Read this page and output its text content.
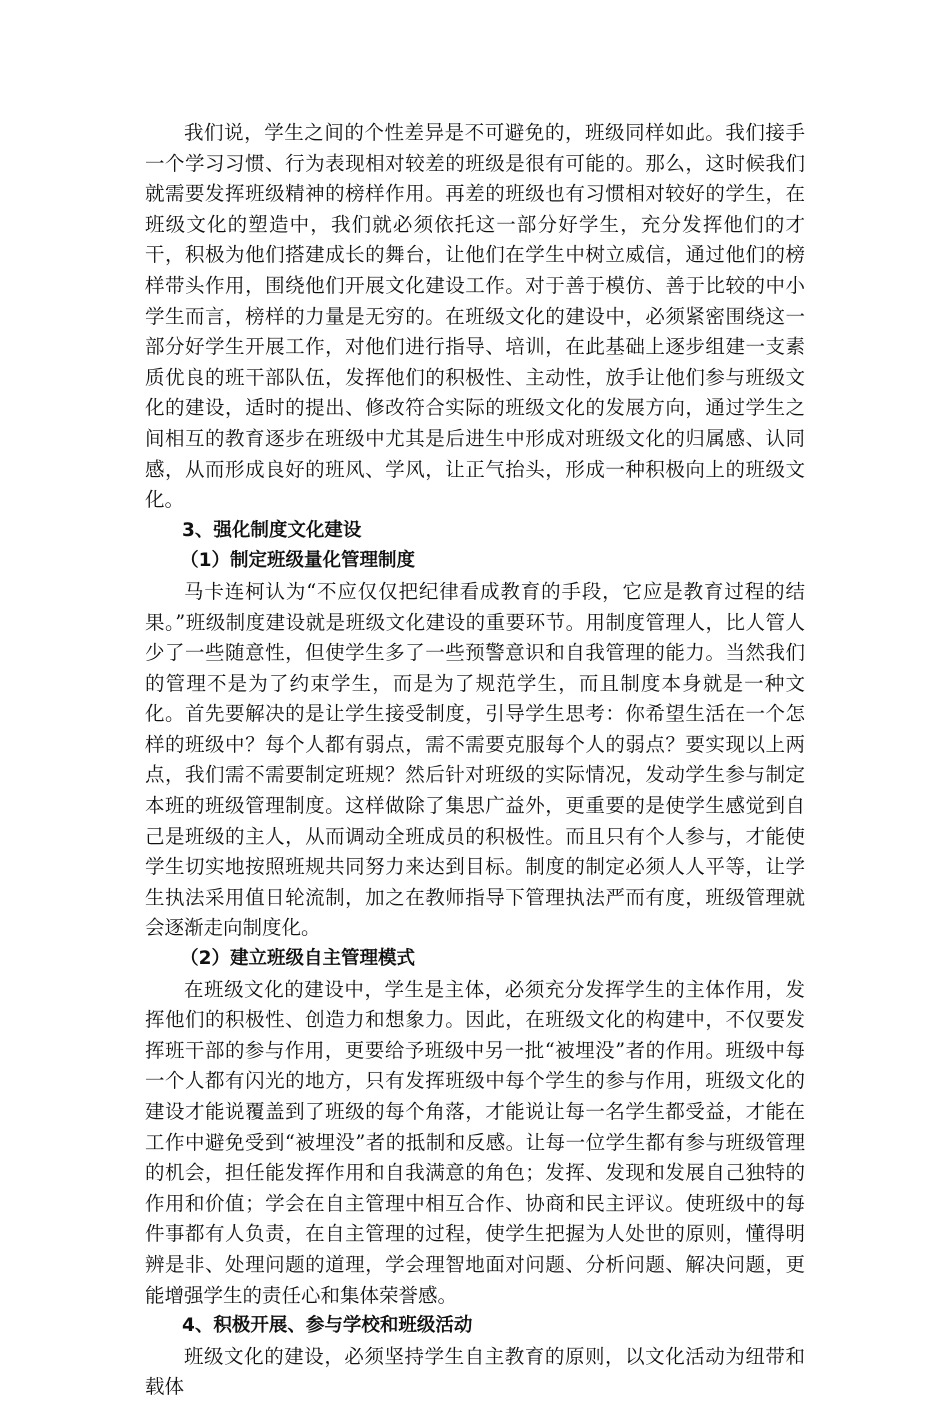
我们说，学生之间的个性差异是不可避免的，班级同样如此。我们接手一个学习习惯、行为表现相对较差的班级是很有可能的。那么，这时候我们就需要发挥班级精神的榜样作用。再差的班级也有习惯相对较好的学生，在班级文化的塑造中，我们就必须依托这一部分好学生，充分发挥他们的才干，积极为他们搭建成长的舞台，让他们在学生中树立威信，通过他们的榜样带头作用，围绕他们开展文化建设工作。对于善于模仿、善于比较的中小学生而言，榜样的力量是无穷的。在班级文化的建设中，必须紧密围绕这一部分好学生开展工作，对他们进行指导、培训，在此基础上逐步组建一支素质优良的班干部队伍，发挥他们的积极性、主动性，放手让他们参与班级文化的建设，适时的提出、修改符合实际的班级文化的发展方向，通过学生之间相互的教育逐步在班级中尤其是后进生中形成对班级文化的归属感、认同感，从而形成良好的班风、学风，让正气抬头，形成一种积极向上的班级文化。

3、强化制度文化建设

（1）制定班级量化管理制度

马卡连柯认为“不应仅仅把纪律看成教育的手段，它应是教育过程的结果。”班级制度建设就是班级文化建设的重要环节。用制度管理人，比人管人少了一些随意性，但使学生多了一些预警意识和自我管理的能力。当然我们的管理不是为了约束学生，而是为了规范学生，而且制度本身就是一种文化。首先要解决的是让学生接受制度，引导学生思考：你希望生活在一个怎样的班级中？每个人都有弱点，需不需要克服每个人的弱点？要实现以上两点，我们需不需要制定班规？然后针对班级的实际情况，发动学生参与制定本班的班级管理制度。这样做除了集思广益外，更重要的是使学生感觉到自己是班级的主人，从而调动全班成员的积极性。而且只有个人参与，才能使学生切实地按照班规共同努力来达到目标。制度的制定必须人人平等，让学生执法采用值日轮流制，加之在教师指导下管理执法严而有度，班级管理就会逐渐走向制度化。

（2）建立班级自主管理模式

在班级文化的建设中，学生是主体，必须充分发挥学生的主体作用，发挥他们的积极性、创造力和想象力。因此，在班级文化的构建中，不仅要发挥班干部的参与作用，更要给予班级中另一批“被埋没”者的作用。班级中每一个人都有闪光的地方，只有发挥班级中每个学生的参与作用，班级文化的建设才能说覆盖到了班级的每个角落，才能说让每一名学生都受益，才能在工作中避免受到“被埋没”者的抵制和反感。让每一位学生都有参与班级管理的机会，担任能发挥作用和自我满意的角色；发挥、发现和发展自己独特的作用和价值；学会在自主管理中相互合作、协商和民主评议。使班级中的每件事都有人负责，在自主管理的过程，使学生把握为人处世的原则，懂得明辨是非、处理问题的道理，学会理智地面对问题、分析问题、解决问题，更能增强学生的责任心和集体荣誉感。

4、积极开展、参与学校和班级活动

班级文化的建设，必须坚持学生自主教育的原则，以文化活动为纽带和载体
